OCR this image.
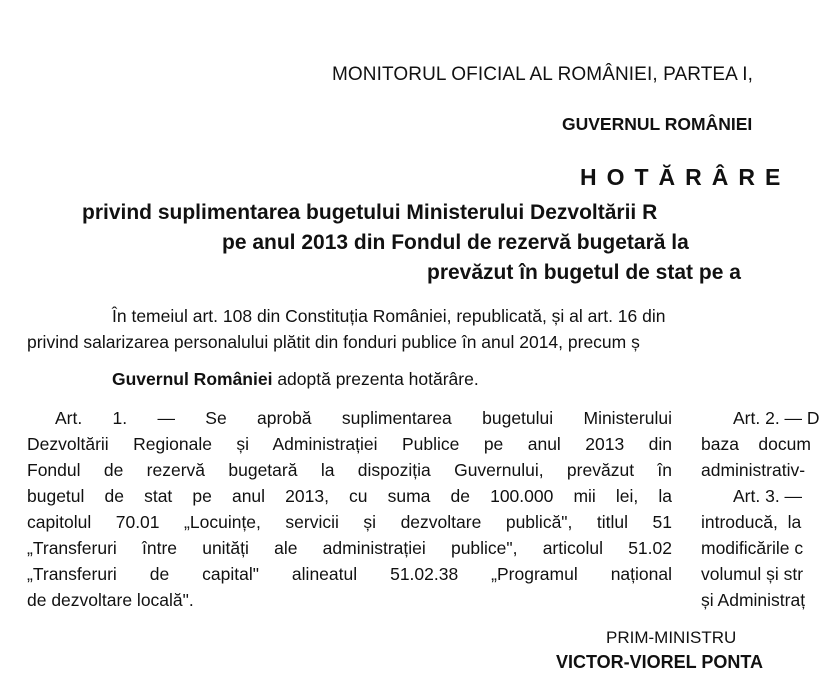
MONITORUL OFICIAL AL ROMÂNIEI, PARTEA I,
GUVERNUL ROMÂNIEI
HOTĂRÂRE
privind suplimentarea bugetului Ministerului Dezvoltării R
pe anul 2013 din Fondul de rezervă bugetară la
prevăzut în bugetul de stat pe a
În temeiul art. 108 din Constituția României, republicată, și al art. 16 din
privind salarizarea personalului plătit din fonduri publice în anul 2014, precum ș
Guvernul României adoptă prezenta hotărâre.
Art. 1. — Se aprobă suplimentarea bugetului Ministerului
Dezvoltării Regionale și Administrației Publice pe anul 2013 din
Fondul de rezervă bugetară la dispoziția Guvernului, prevăzut în
bugetul de stat pe anul 2013, cu suma de 100.000 mii lei, la
capitolul 70.01 „Locuințe, servicii și dezvoltare publică", titlul 51
„Transferuri între unități ale administrației publice", articolul 51.02
„Transferuri de capital" alineatul 51.02.38 „Programul național
de dezvoltare locală".
Art. 2. — D
baza    docum
administrativ-
Art. 3. —
introducă,  la
modificările c
volumul și str
și Administraț
PRIM-MINISTRU
VICTOR-VIOREL PONTA
